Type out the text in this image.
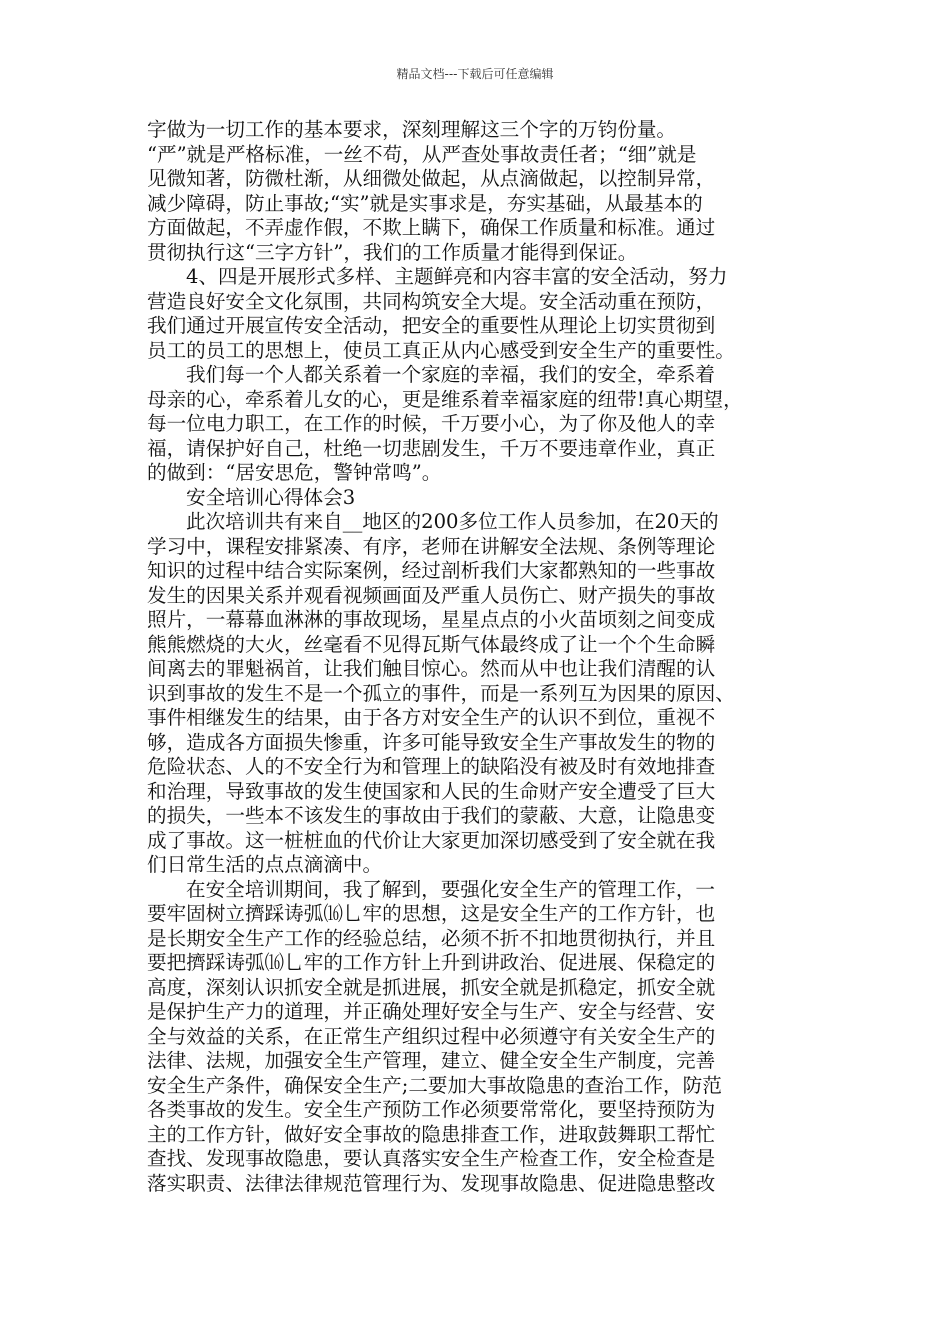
精品文档---下载后可任意编辑
字做为一切工作的基本要求，深刻理解这三个字的万钧份量。
“严”就是严格标准，一丝不苟，从严查处事故责任者；“细”就是
见微知著，防微杜渐，从细微处做起，从点滴做起，以控制异常，
减少障碍，防止事故;“实”就是实事求是，夯实基础，从最基本的
方面做起，不弄虚作假，不欺上瞒下，确保工作质量和标准。通过
贯彻执行这“三字方针”，我们的工作质量才能得到保证。
4、四是开展形式多样、主题鲜亮和内容丰富的安全活动，努力
营造良好安全文化氛围，共同构筑安全大堤。安全活动重在预防，
我们通过开展宣传安全活动，把安全的重要性从理论上切实贯彻到
员工的员工的思想上，使员工真正从内心感受到安全生产的重要性。
我们每一个人都关系着一个家庭的幸福，我们的安全，牵系着
母亲的心，牵系着儿女的心，更是维系着幸福家庭的纽带!真心期望，
每一位电力职工，在工作的时候，千万要小心，为了你及他人的幸
福，请保护好自己，杜绝一切悲剧发生，千万不要违章作业，真正
的做到：“居安思危，警钟常鸣”。
安全培训心得体会3
此次培训共有来自__地区的200多位工作人员参加，在20天的
学习中，课程安排紧凑、有序，老师在讲解安全法规、条例等理论
知识的过程中结合实际案例，经过剖析我们大家都熟知的一些事故
发生的因果关系并观看视频画面及严重人员伤亡、财产损失的事故
照片，一幕幕血淋淋的事故现场，星星点点的小火苗顷刻之间变成
熊熊燃烧的大火，丝毫看不见得瓦斯气体最终成了让一个个生命瞬
间离去的罪魁祸首，让我们触目惊心。然而从中也让我们清醒的认
识到事故的发生不是一个孤立的事件，而是一系列互为因果的原因、
事件相继发生的结果，由于各方对安全生产的认识不到位，重视不
够，造成各方面损失惨重，许多可能导致安全生产事故发生的物的
危险状态、人的不安全行为和管理上的缺陷没有被及时有效地排查
和治理，导致事故的发生使国家和人民的生命财产安全遭受了巨大
的损失，一些本不该发生的事故由于我们的蒙蔽、大意，让隐患变
成了事故。这一桩桩血的代价让大家更加深切感受到了安全就在我
们日常生活的点点滴滴中。
在安全培训期间，我了解到，要强化安全生产的管理工作，一
要牢固树立擠踩诪弧⒃乚牢的思想，这是安全生产的工作方针，也
是长期安全生产工作的经验总结，必须不折不扣地贯彻执行，并且
要把擠踩诪弧⒃乚牢的工作方针上升到讲政治、促进展、保稳定的
高度，深刻认识抓安全就是抓进展，抓安全就是抓稳定，抓安全就
是保护生产力的道理，并正确处理好安全与生产、安全与经营、安
全与效益的关系，在正常生产组织过程中必须遵守有关安全生产的
法律、法规，加强安全生产管理，建立、健全安全生产制度，完善
安全生产条件，确保安全生产;二要加大事故隐患的查治工作，防范
各类事故的发生。安全生产预防工作必须要常常化，要坚持预防为
主的工作方针，做好安全事故的隐患排查工作，进取鼓舞职工帮忙
查找、发现事故隐患，要认真落实安全生产检查工作，安全检查是
落实职责、法律法律规范管理行为、发现事故隐患、促进隐患整改
